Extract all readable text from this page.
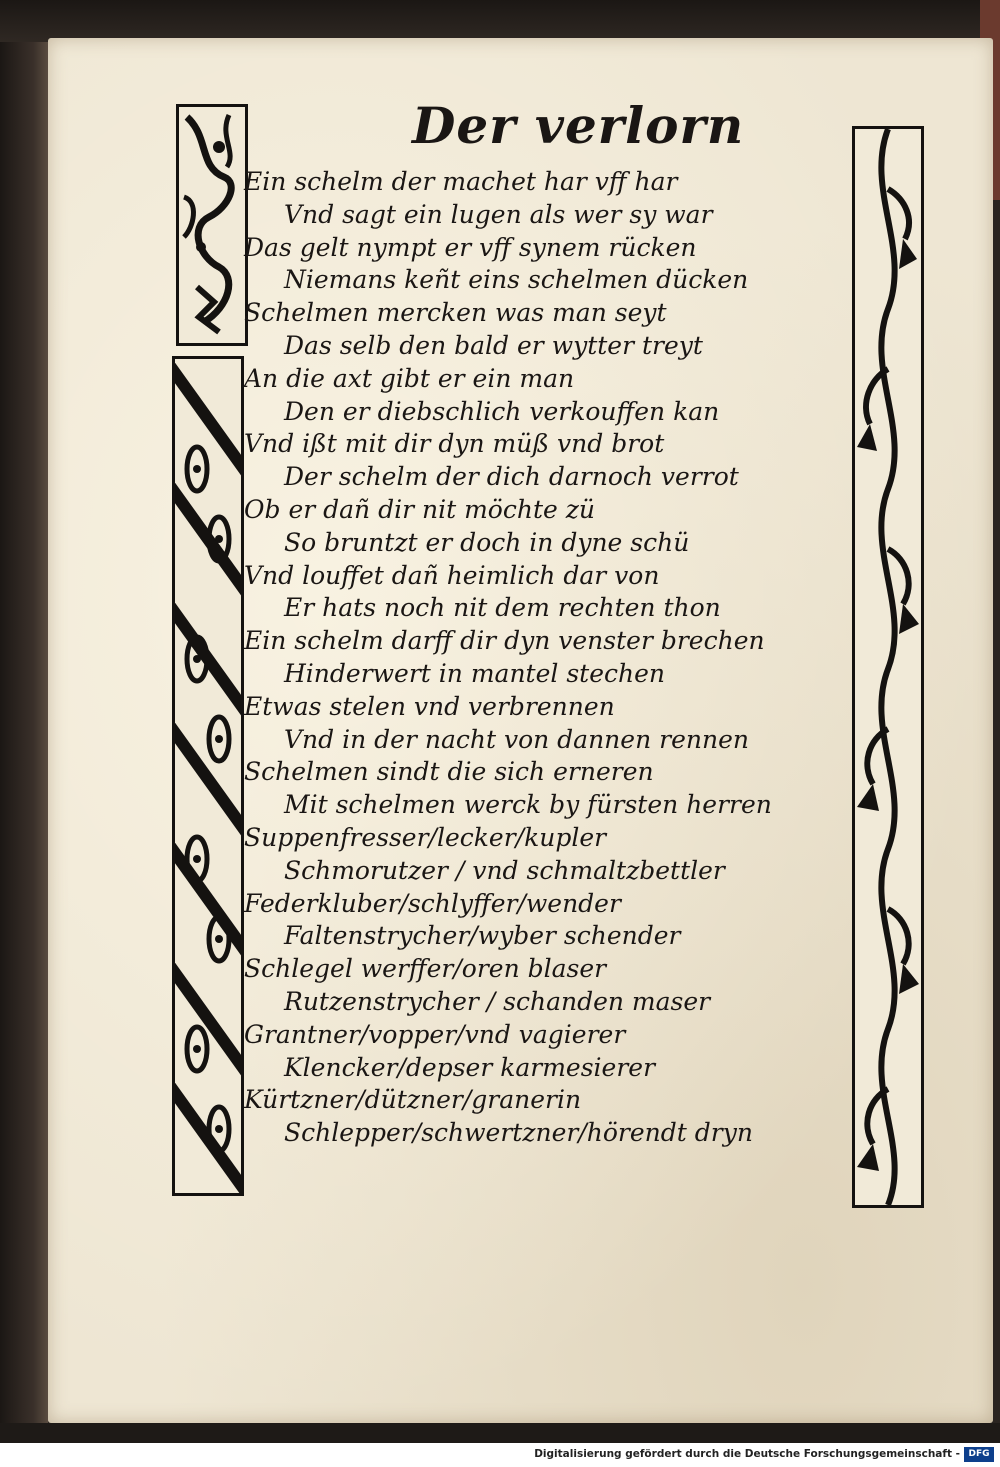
Der verlorn
Ein schelm der machet har vff har
Vnd sagt ein lugen als wer sy war
Das gelt nympt er vff synem rücken
Niemans keñt eins schelmen dücken
Schelmen mercken was man seyt
Das selb den bald er wytter treyt
An die axt gibt er ein man
Den er diebschlich verkouffen kan
Vnd ißt mit dir dyn müß vnd brot
Der schelm der dich darnoch verrot
Ob er dañ dir nit möchte zü
So bruntzt er doch in dyne schü
Vnd louffet dañ heimlich dar von
Er hats noch nit dem rechten thon
Ein schelm darff dir dyn venster brechen
Hinderwert in mantel stechen
Etwas stelen vnd verbrennen
Vnd in der nacht von dannen rennen
Schelmen sindt die sich erneren
Mit schelmen werck by fürsten herren
Suppenfresser/lecker/kupler
Schmorutzer / vnd schmaltzbettler
Federkluber/schlyffer/wender
Faltenstrycher/wyber schender
Schlegel werffer/oren blaser
Rutzenstrycher / schanden maser
Grantner/vopper/vnd vagierer
Klencker/depser karmesierer
Kürtzner/dützner/granerin
Schlepper/schwertzner/hörendt dryn
Digitalisierung gefördert durch die Deutsche Forschungsgemeinschaft - DFG
